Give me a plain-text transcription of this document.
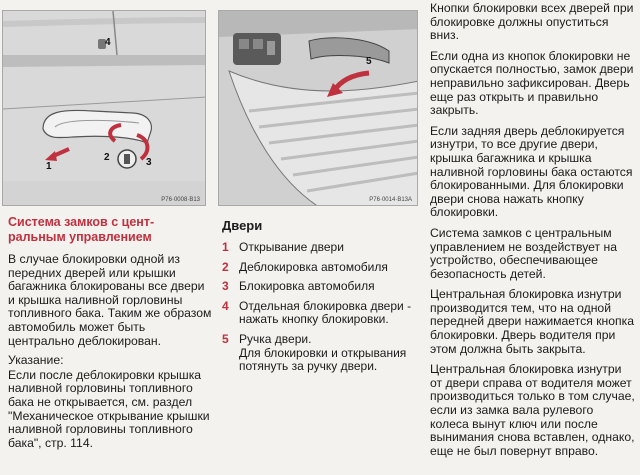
1
2	3
4
P76·0008·B13
5
P76·0014·B13A
Система замков с цент-
ральным управлением

В случае блокировки одной из передних дверей или крышки багажника блокированы все двери и крышка наливной горловины топливного бака. Таким же образом автомобиль может быть центрально деблокирован.

Указание:

Если после деблокировки крышка наливной горловины топливного бака не открывается, см. раздел "Механическое открывание крышки наливной горловины топливного бака", стр. 114.

Двери
1 Открывание двери
2 Деблокировка автомобиля
3 Блокировка автомобиля
4 Отдельная блокировка двери - нажать кнопку блокировки.
5 Ручка двери.
Для блокировки и открывания потянуть за ручку двери.

Кнопки блокировки всех дверей при блокировке должны опуститься вниз.

Если одна из кнопок блокировки не опускается полностью, замок двери неправильно зафиксирован. Дверь еще раз открыть и правильно закрыть.

Если задняя дверь деблокируется изнутри, то все другие двери, крышка багажника и крышка наливной горловины бака остаются блокированными. Для блокировки двери снова нажать кнопку блокировки.

Система замков с центральным управлением не воздействует на устройство, обеспечивающее безопасность детей.

Центральная блокировка изнутри производится тем, что на одной передней двери нажимается кнопка блокировки. Дверь водителя при этом должна быть закрыта.

Центральная блокировка изнутри от двери справа от водителя может производиться только в том случае, если из замка вала рулевого колеса вынут ключ или после вынимания снова вставлен, однако, еще не был повернут вправо.
